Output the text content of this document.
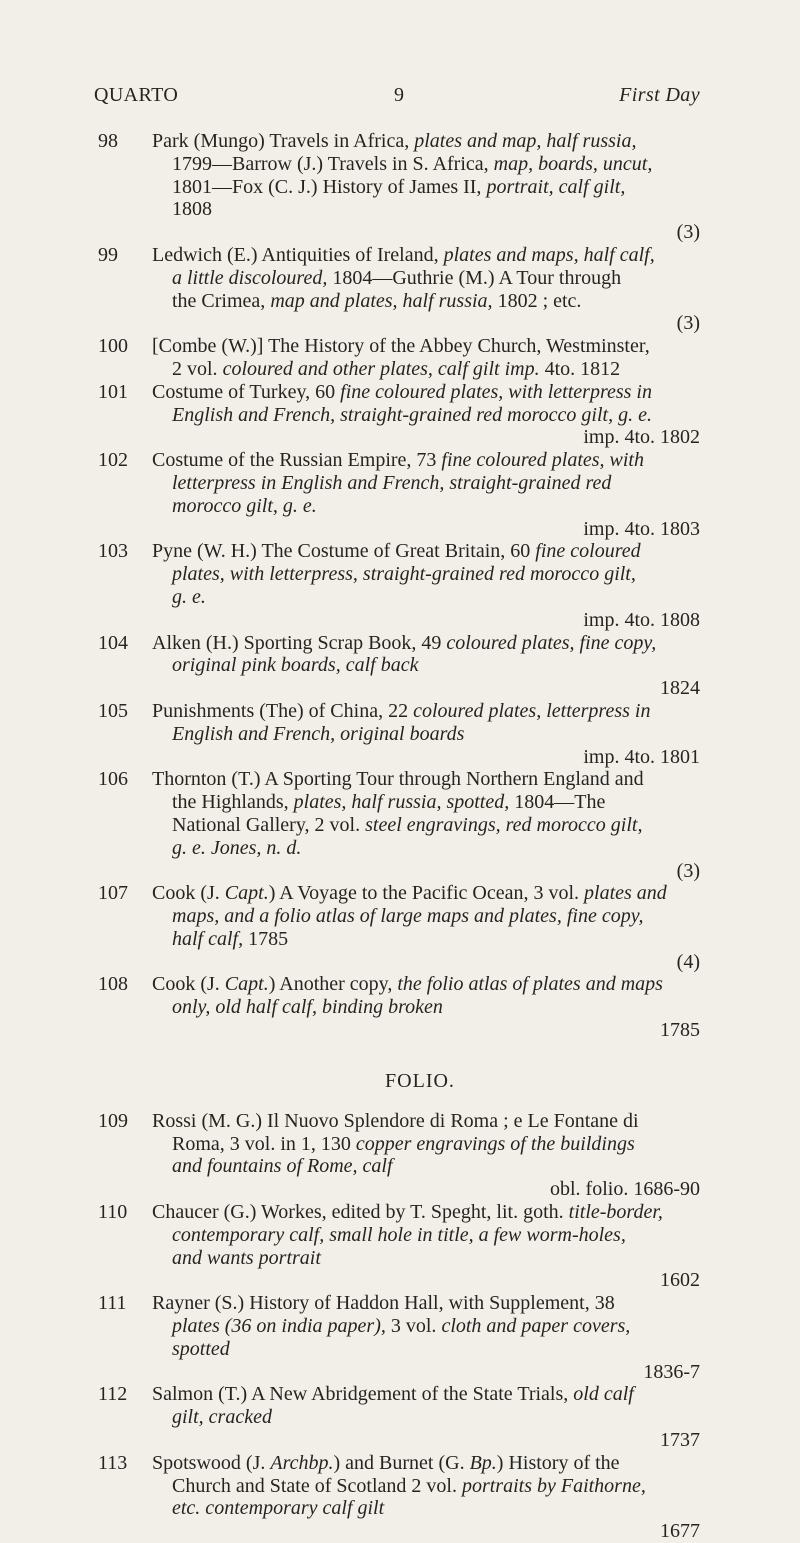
QUARTO	9	First Day
98	Park (Mungo) Travels in Africa, plates and map, half russia,
1799—Barrow (J.) Travels in S. Africa, map, boards, uncut,
1801—Fox (C. J.) History of James II, portrait, calf gilt,
1808
(3)
99	Ledwich (E.) Antiquities of Ireland, plates and maps, half calf,
a little discoloured, 1804—Guthrie (M.) A Tour through
the Crimea, map and plates, half russia, 1802 ; etc.
(3)
100	[Combe (W.)] The History of the Abbey Church, Westminster,
2 vol. coloured and other plates, calf gilt imp. 4to. 1812
101	Costume of Turkey, 60 fine coloured plates, with letterpress in
English and French, straight-grained red morocco gilt, g. e.
imp. 4to. 1802
102	Costume of the Russian Empire, 73 fine coloured plates, with
letterpress in English and French, straight-grained red
morocco gilt, g. e.
imp. 4to. 1803
103	Pyne (W. H.) The Costume of Great Britain, 60 fine coloured
plates, with letterpress, straight-grained red morocco gilt,
g. e.
imp. 4to. 1808
104	Alken (H.) Sporting Scrap Book, 49 coloured plates, fine copy,
original pink boards, calf back
1824
105	Punishments (The) of China, 22 coloured plates, letterpress in
English and French, original boards
imp. 4to. 1801
106	Thornton (T.) A Sporting Tour through Northern England and
the Highlands, plates, half russia, spotted, 1804—The
National Gallery, 2 vol. steel engravings, red morocco gilt,
g. e. Jones, n. d.
(3)
107	Cook (J. Capt.) A Voyage to the Pacific Ocean, 3 vol. plates and
maps, and a folio atlas of large maps and plates, fine copy,
half calf, 1785
(4)
108	Cook (J. Capt.) Another copy, the folio atlas of plates and maps
only, old half calf, binding broken
1785
FOLIO.
109	Rossi (M. G.) Il Nuovo Splendore di Roma ; e Le Fontane di
Roma, 3 vol. in 1, 130 copper engravings of the buildings
and fountains of Rome, calf
obl. folio. 1686-90
110	Chaucer (G.) Workes, edited by T. Speght, lit. goth. title-border,
contemporary calf, small hole in title, a few worm-holes,
and wants portrait
1602
111	Rayner (S.) History of Haddon Hall, with Supplement, 38
plates (36 on india paper), 3 vol. cloth and paper covers,
spotted
1836-7
112	Salmon (T.) A New Abridgement of the State Trials, old calf
gilt, cracked
1737
113	Spotswood (J. Archbp.) and Burnet (G. Bp.) History of the
Church and State of Scotland 2 vol. portraits by Faithorne,
etc. contemporary calf gilt
1677
